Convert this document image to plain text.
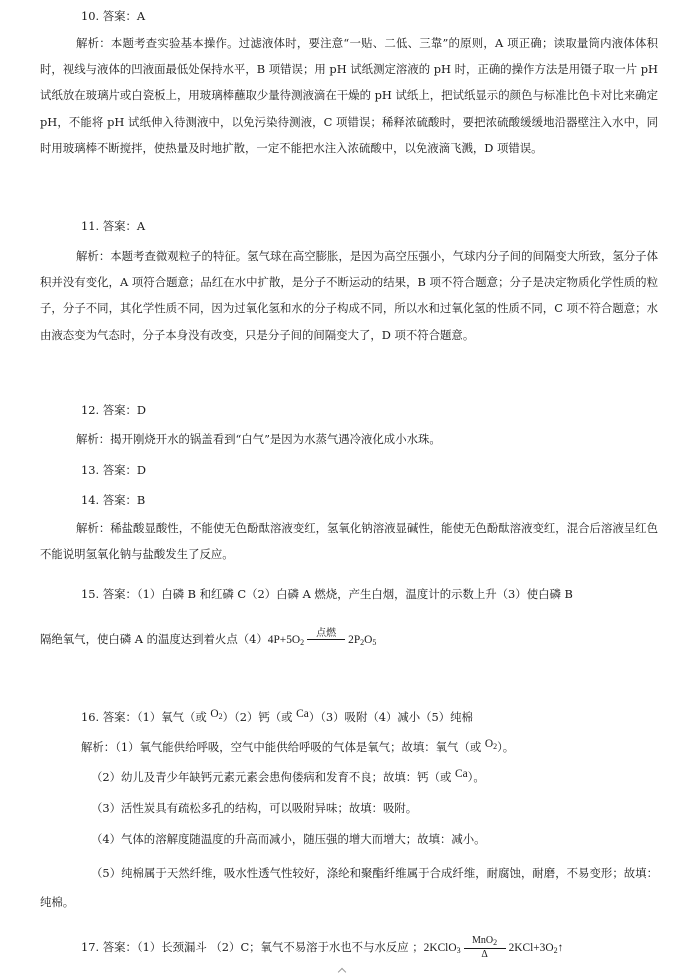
10. 答案：A
解析：本题考查实验基本操作。过滤液体时，要注意“一贴、二低、三靠”的原则，A 项正确；读取量筒内液体体积时，视线与液体的凹液面最低处保持水平，B 项错误；用 pH 试纸测定溶液的 pH 时，正确的操作方法是用镊子取一片 pH 试纸放在玻璃片或白瓷板上，用玻璃棒蘸取少量待测液滴在干燥的 pH 试纸上，把试纸显示的颜色与标准比色卡对比来确定 pH，不能将 pH 试纸伸入待测液中，以免污染待测液，C 项错误；稀释浓硫酸时，要把浓硫酸缓缓地沿器壁注入水中，同时用玻璃棒不断搅拌，使热量及时地扩散，一定不能把水注入浓硫酸中，以免液滴飞溅，D 项错误。
11. 答案：A
解析：本题考查微观粒子的特征。氢气球在高空膨胀，是因为高空压强小，气球内分子间的间隔变大所致，氢分子体积并没有变化，A 项符合题意；品红在水中扩散，是分子不断运动的结果，B 项不符合题意；分子是决定物质化学性质的粒子，分子不同，其化学性质不同，因为过氧化氢和水的分子构成不同，所以水和过氧化氢的性质不同，C 项不符合题意；水由液态变为气态时，分子本身没有改变，只是分子间的间隔变大了，D 项不符合题意。
12. 答案：D
解析：揭开刚烧开水的锅盖看到“白气”是因为水蒸气遇冷液化成小水珠。
13. 答案：D
14. 答案：B
解析：稀盐酸显酸性，不能使无色酚酞溶液变红，氢氧化钠溶液显碱性，能使无色酚酞溶液变红，混合后溶液呈红色不能说明氢氧化钠与盐酸发生了反应。
15. 答案：（1）白磷 B 和红磷 C（2）白磷 A 燃烧，产生白烟，温度计的示数上升（3）使白磷 B
隔绝氧气，使白磷 A 的温度达到着火点$(4)4P+5O_2$
点燃

$2P_2O_5$
16. 答案：（1）氧气（或 $O_2)(2)$钙（或 Ca）（3）吸附（4）减小（5）纯棉
解析：（1）氧气能供给呼吸，空气中能供给呼吸的气体是氧气；故填：氧气（或 $O_2$）。
（2）幼儿及青少年缺钙元素元素会患佝偻病和发育不良；故填：钙（或 Ca）。
（3）活性炭具有疏松多孔的结构，可以吸附异味；故填：吸附。
（4）气体的溶解度随温度的升高而减小，随压强的增大而增大；故填：减小。
（5）纯棉属于天然纤维，吸水性透气性较好，涤纶和聚酯纤维属于合成纤维，耐腐蚀，耐磨，不易变形；故填：纯棉。
17. 答案：（1）长颈漏斗 （2）C；氧气不易溶于水也不与水反应 ；2KClO$_3$
MnO$_2$
Δ
$2KCl+3O_2↑$
